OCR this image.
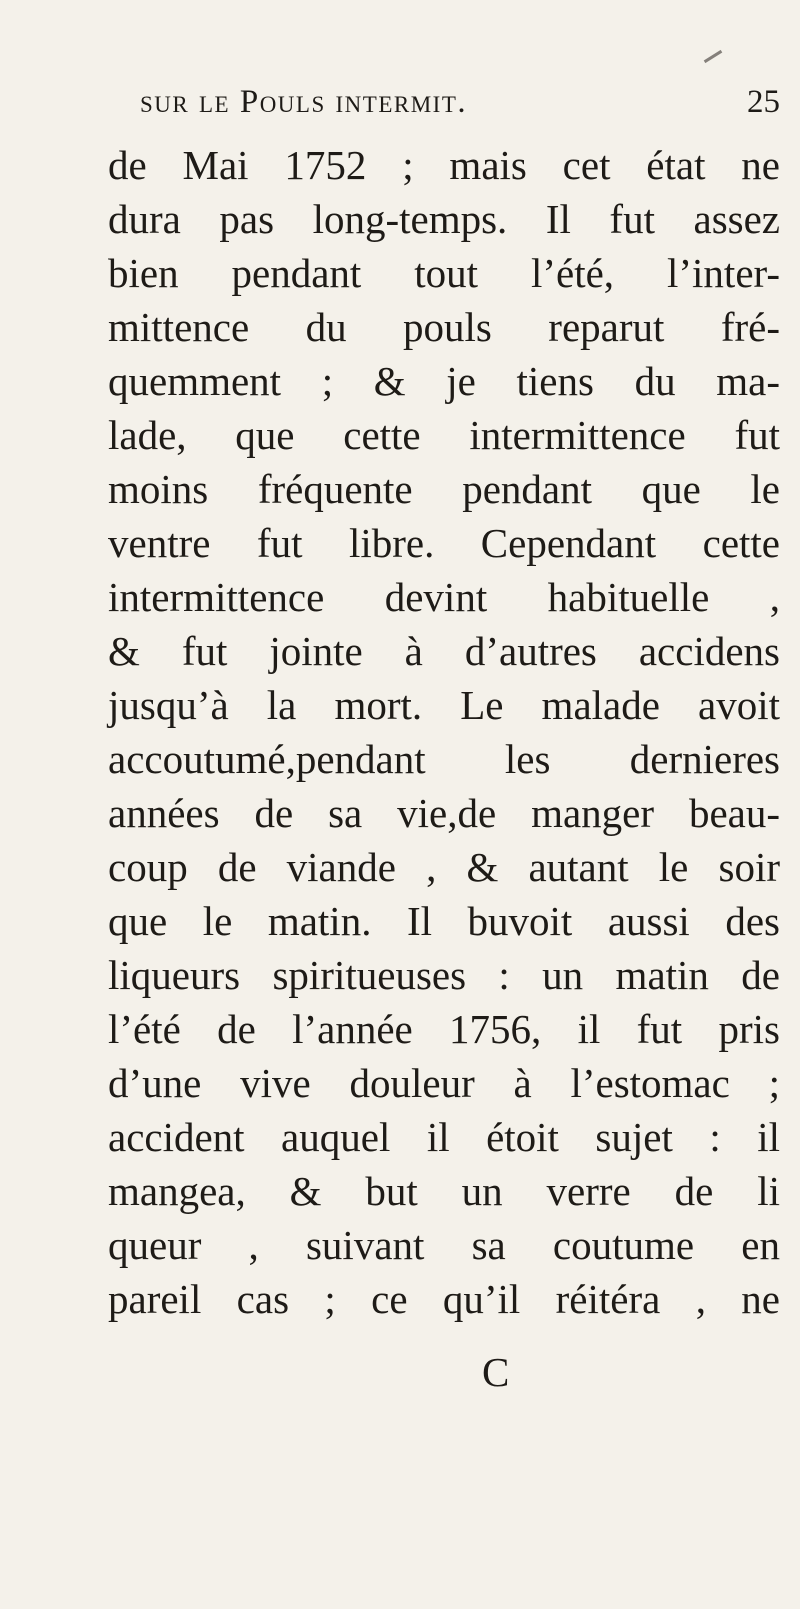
sur le Pouls intermit.	25
de Mai 1752 ; mais cet état ne
dura pas long-temps. Il fut assez
bien pendant tout l’été, l’inter-
mittence du pouls reparut fré-
quemment ; & je tiens du ma-
lade, que cette intermittence fut
moins fréquente pendant que le
ventre fut libre. Cependant cette
intermittence devint habituelle ,
& fut jointe à d’autres accidens
jusqu’à la mort. Le malade avoit
accoutumé,pendant les dernieres
années de sa vie,de manger beau-
coup de viande , & autant le soir
que le matin. Il buvoit aussi des
liqueurs spiritueuses : un matin de
l’été de l’année 1756, il fut pris
d’une vive douleur à l’estomac ;
accident auquel il étoit sujet : il
mangea, & but un verre de li
queur , suivant sa coutume en
pareil cas ; ce qu’il réitéra , ne
C
